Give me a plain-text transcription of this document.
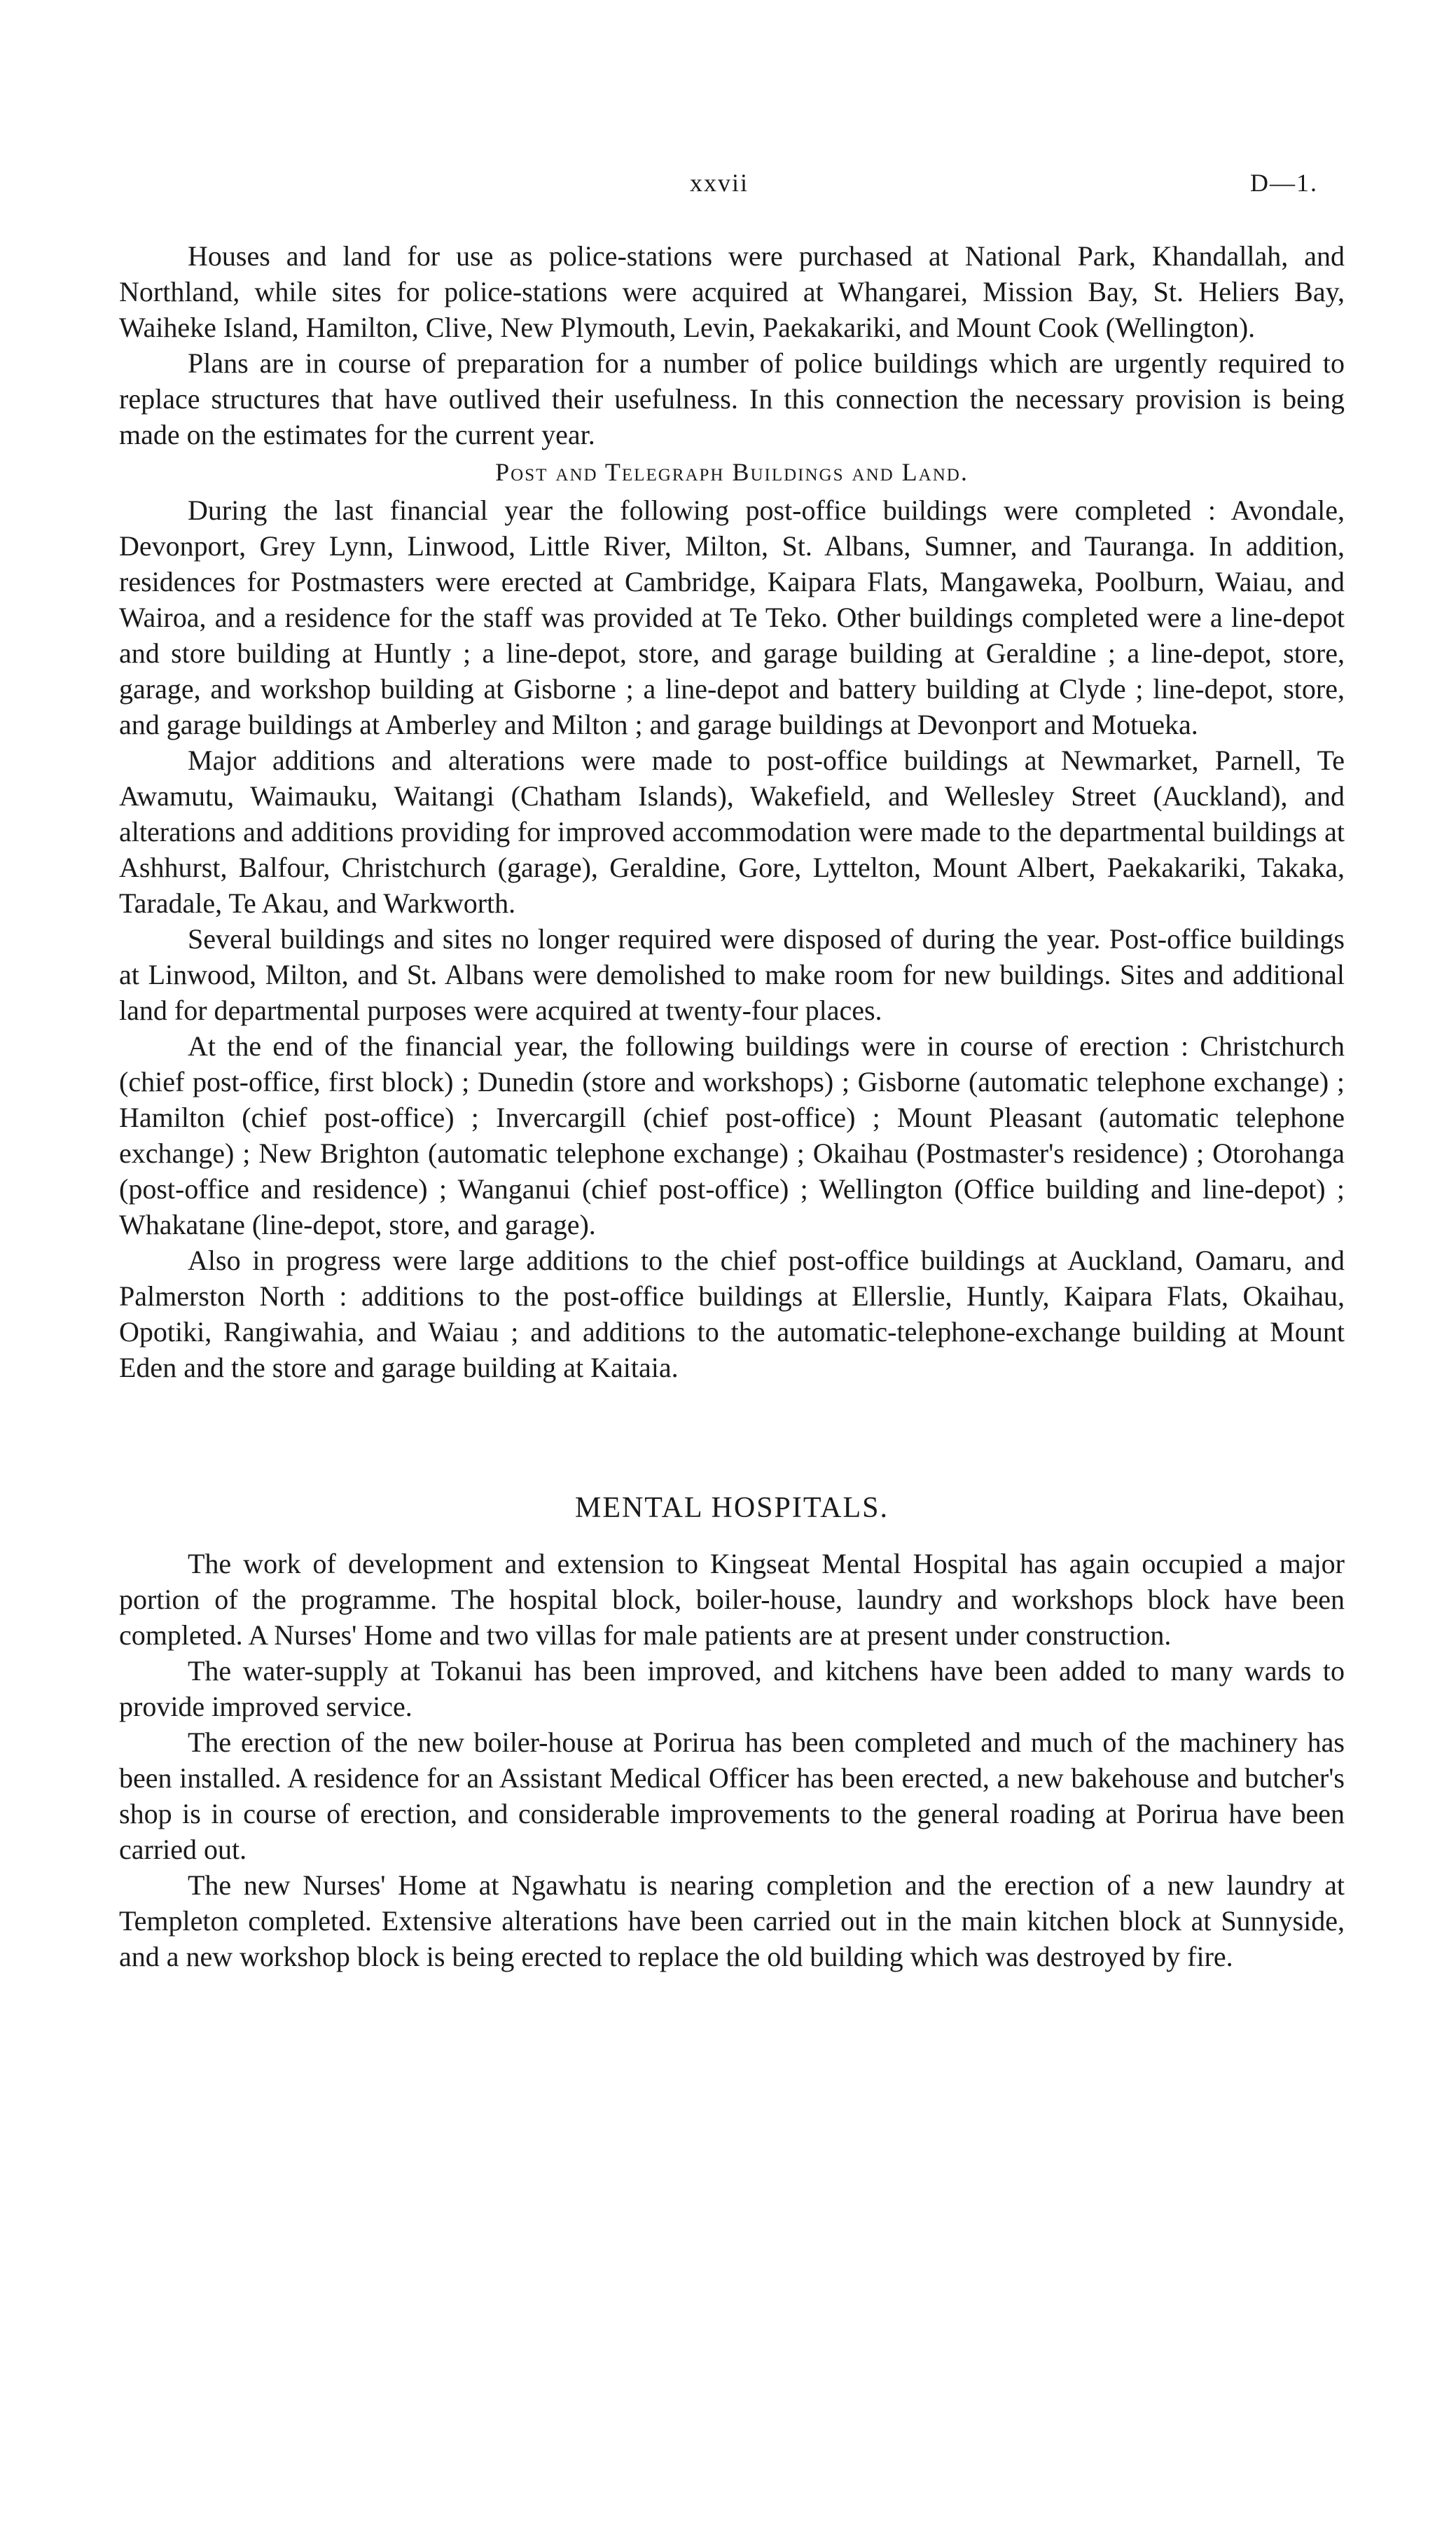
xxvii	D—1.

Houses and land for use as police-stations were purchased at National Park, Khandallah, and Northland, while sites for police-stations were acquired at Whangarei, Mission Bay, St. Heliers Bay, Waiheke Island, Hamilton, Clive, New Plymouth, Levin, Paekakariki, and Mount Cook (Wellington).

Plans are in course of preparation for a number of police buildings which are urgently required to replace structures that have outlived their usefulness. In this connection the necessary provision is being made on the estimates for the current year.

Post and Telegraph Buildings and Land.

During the last financial year the following post-office buildings were completed : Avondale, Devonport, Grey Lynn, Linwood, Little River, Milton, St. Albans, Sumner, and Tauranga. In addition, residences for Postmasters were erected at Cambridge, Kaipara Flats, Mangaweka, Poolburn, Waiau, and Wairoa, and a residence for the staff was provided at Te Teko. Other buildings completed were a line-depot and store building at Huntly ; a line-depot, store, and garage building at Geraldine ; a line-depot, store, garage, and workshop building at Gisborne ; a line-depot and battery building at Clyde ; line-depot, store, and garage buildings at Amberley and Milton ; and garage buildings at Devonport and Motueka.

Major additions and alterations were made to post-office buildings at Newmarket, Parnell, Te Awamutu, Waimauku, Waitangi (Chatham Islands), Wakefield, and Wellesley Street (Auckland), and alterations and additions providing for improved accommodation were made to the departmental buildings at Ashhurst, Balfour, Christchurch (garage), Geraldine, Gore, Lyttelton, Mount Albert, Paekakariki, Takaka, Taradale, Te Akau, and Warkworth.

Several buildings and sites no longer required were disposed of during the year. Post-office buildings at Linwood, Milton, and St. Albans were demolished to make room for new buildings. Sites and additional land for departmental purposes were acquired at twenty-four places.

At the end of the financial year, the following buildings were in course of erection : Christchurch (chief post-office, first block) ; Dunedin (store and workshops) ; Gisborne (automatic telephone exchange) ; Hamilton (chief post-office) ; Invercargill (chief post-office) ; Mount Pleasant (automatic telephone exchange) ; New Brighton (automatic telephone exchange) ; Okaihau (Postmaster's residence) ; Otorohanga (post-office and residence) ; Wanganui (chief post-office) ; Wellington (Office building and line-depot) ; Whakatane (line-depot, store, and garage).

Also in progress were large additions to the chief post-office buildings at Auckland, Oamaru, and Palmerston North : additions to the post-office buildings at Ellerslie, Huntly, Kaipara Flats, Okaihau, Opotiki, Rangiwahia, and Waiau ; and additions to the automatic-telephone-exchange building at Mount Eden and the store and garage building at Kaitaia.

MENTAL HOSPITALS.

The work of development and extension to Kingseat Mental Hospital has again occupied a major portion of the programme. The hospital block, boiler-house, laundry and workshops block have been completed. A Nurses' Home and two villas for male patients are at present under construction.

The water-supply at Tokanui has been improved, and kitchens have been added to many wards to provide improved service.

The erection of the new boiler-house at Porirua has been completed and much of the machinery has been installed. A residence for an Assistant Medical Officer has been erected, a new bakehouse and butcher's shop is in course of erection, and considerable improvements to the general roading at Porirua have been carried out.

The new Nurses' Home at Ngawhatu is nearing completion and the erection of a new laundry at Templeton completed. Extensive alterations have been carried out in the main kitchen block at Sunnyside, and a new workshop block is being erected to replace the old building which was destroyed by fire.
